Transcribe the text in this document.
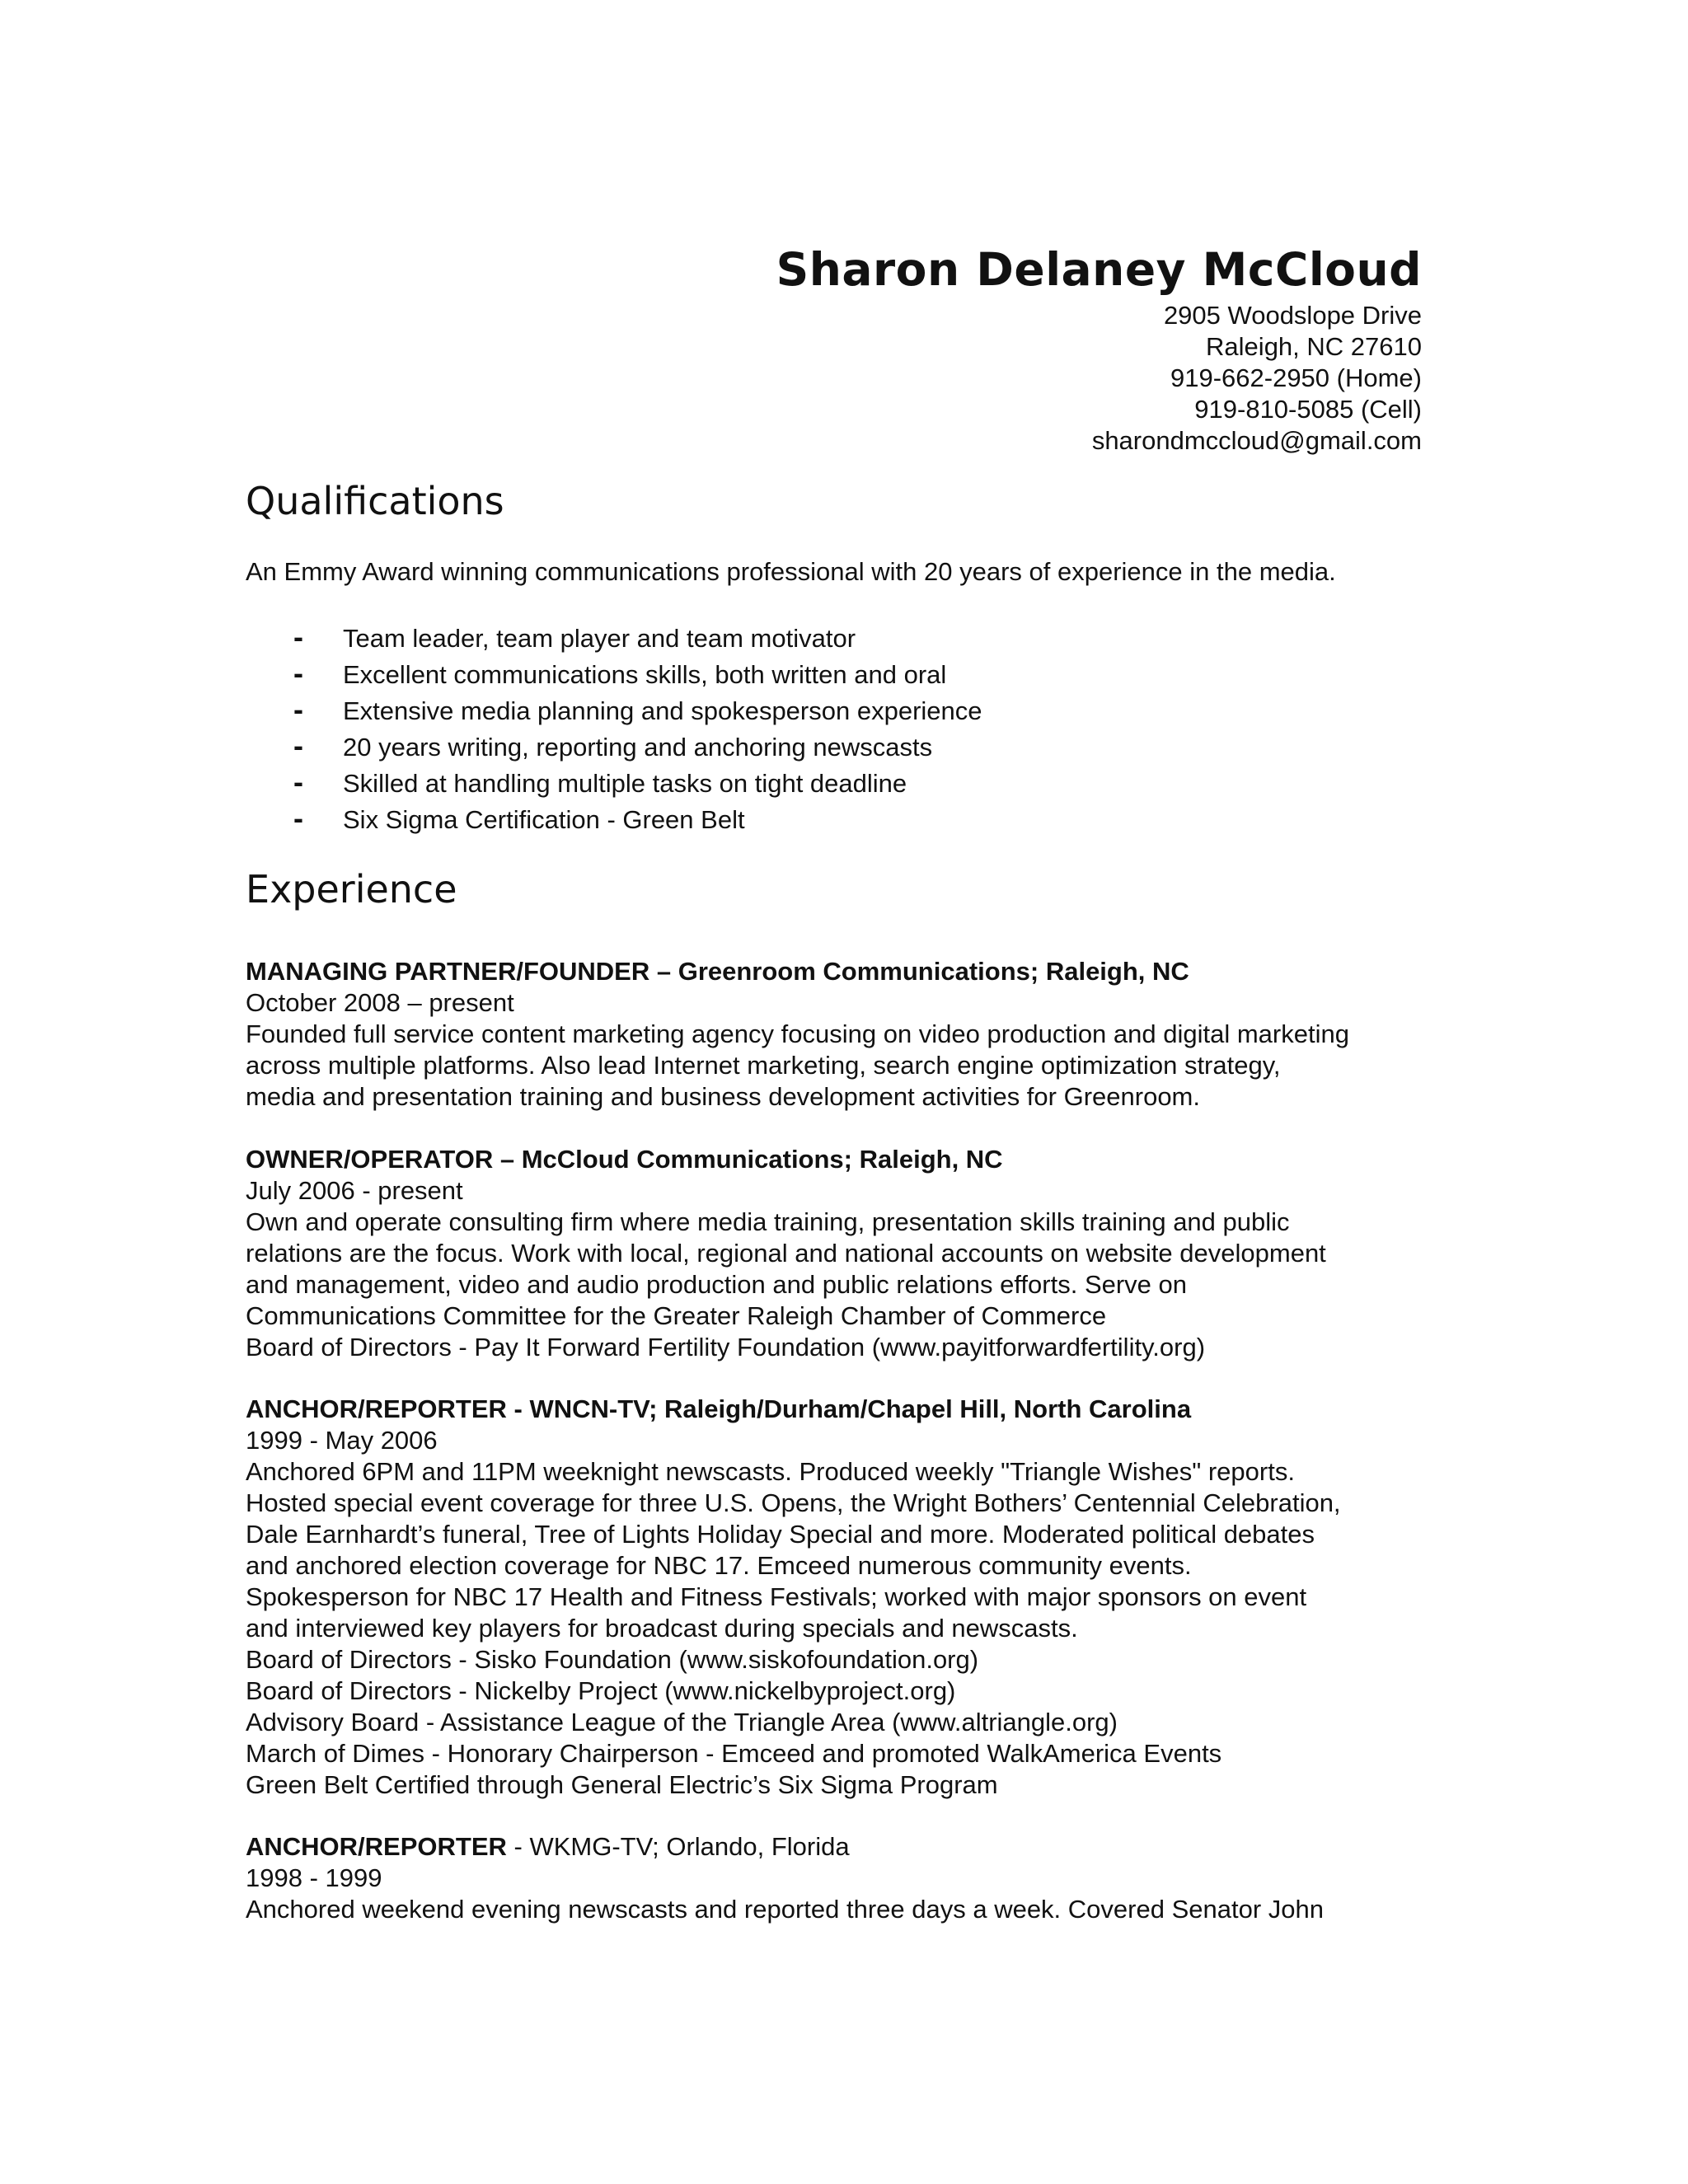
Sharon Delaney McCloud
2905 Woodslope Drive
Raleigh, NC 27610
919-662-2950 (Home)
919-810-5085 (Cell)
sharondmccloud@gmail.com
Qualifications
An Emmy Award winning communications professional with 20 years of experience in the media.
- Team leader, team player and team motivator
- Excellent communications skills, both written and oral
- Extensive media planning and spokesperson experience
- 20 years writing, reporting and anchoring newscasts
- Skilled at handling multiple tasks on tight deadline
- Six Sigma Certification - Green Belt
Experience
MANAGING PARTNER/FOUNDER – Greenroom Communications; Raleigh, NC
October 2008 – present
Founded full service content marketing agency focusing on video production and digital marketing
across multiple platforms. Also lead Internet marketing, search engine optimization strategy,
media and presentation training and business development activities for Greenroom.
OWNER/OPERATOR – McCloud Communications; Raleigh, NC
July 2006 - present
Own and operate consulting firm where media training, presentation skills training and public
relations are the focus. Work with local, regional and national accounts on website development
and management, video and audio production and public relations efforts. Serve on
Communications Committee for the Greater Raleigh Chamber of Commerce
Board of Directors - Pay It Forward Fertility Foundation (www.payitforwardfertility.org)
ANCHOR/REPORTER - WNCN-TV; Raleigh/Durham/Chapel Hill, North Carolina
1999 - May 2006
Anchored 6PM and 11PM weeknight newscasts. Produced weekly "Triangle Wishes" reports.
Hosted special event coverage for three U.S. Opens, the Wright Bothers’ Centennial Celebration,
Dale Earnhardt’s funeral, Tree of Lights Holiday Special and more. Moderated political debates
and anchored election coverage for NBC 17. Emceed numerous community events.
Spokesperson for NBC 17 Health and Fitness Festivals; worked with major sponsors on event
and interviewed key players for broadcast during specials and newscasts.
Board of Directors - Sisko Foundation (www.siskofoundation.org)
Board of Directors - Nickelby Project (www.nickelbyproject.org)
Advisory Board - Assistance League of the Triangle Area (www.altriangle.org)
March of Dimes - Honorary Chairperson - Emceed and promoted WalkAmerica Events
Green Belt Certified through General Electric’s Six Sigma Program
ANCHOR/REPORTER - WKMG-TV; Orlando, Florida
1998 - 1999
Anchored weekend evening newscasts and reported three days a week. Covered Senator John
